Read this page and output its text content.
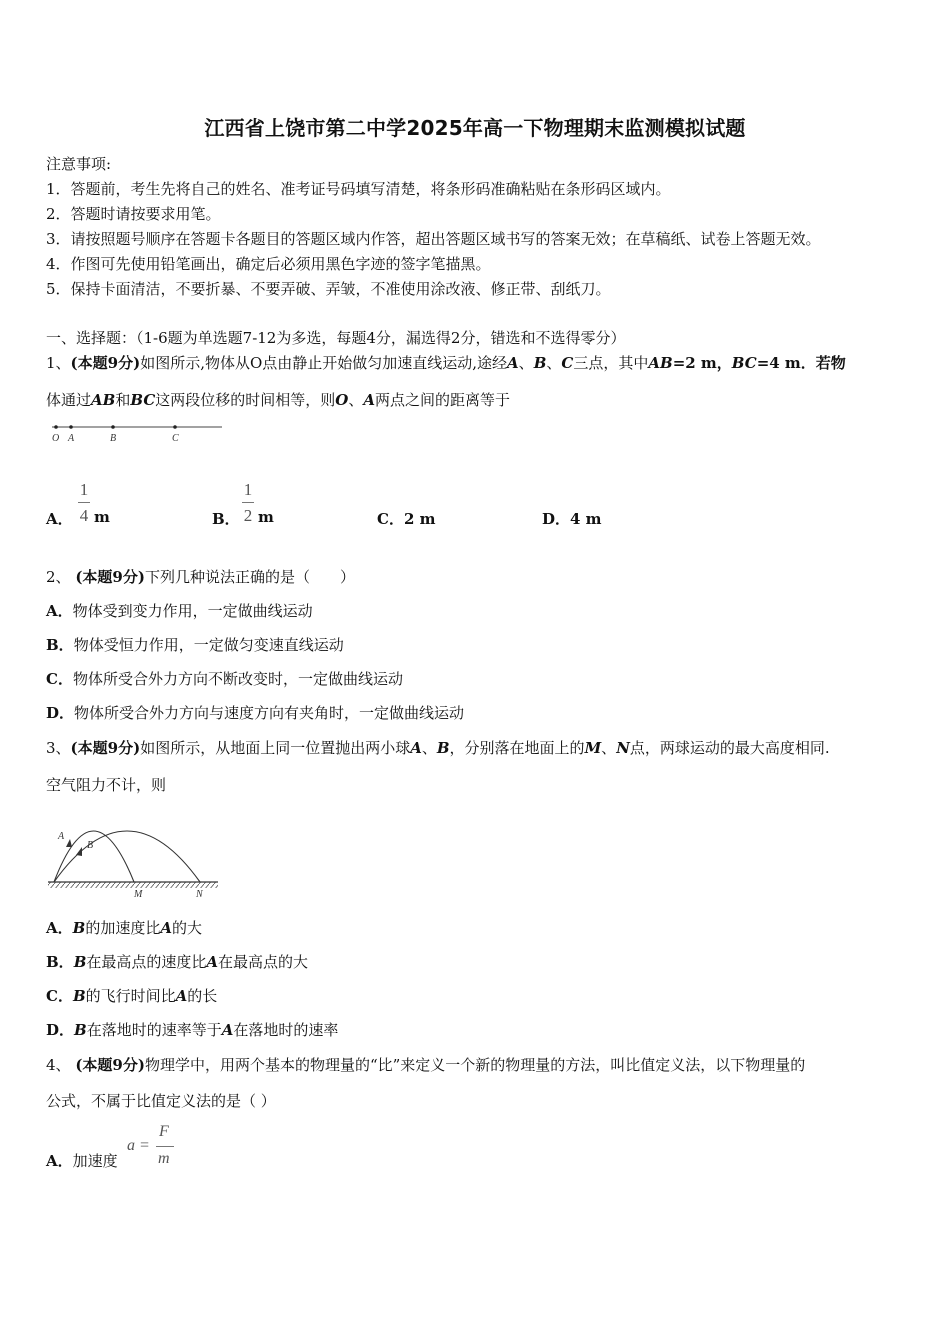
江西省上饶市第二中学2025年高一下物理期末监测模拟试题
注意事项:
1．答题前，考生先将自己的姓名、准考证号码填写清楚，将条形码准确粘贴在条形码区域内。
2．答题时请按要求用笔。
3．请按照题号顺序在答题卡各题目的答题区域内作答，超出答题区域书写的答案无效；在草稿纸、试卷上答题无效。
4．作图可先使用铅笔画出，确定后必须用黑色字迹的签字笔描黑。
5．保持卡面清洁，不要折暴、不要弄破、弄皱，不准使用涂改液、修正带、刮纸刀。
一、选择题：（1-6题为单选题7-12为多选，每题4分，漏选得2分，错选和不选得零分）
1、(本题9分)如图所示,物体从O点由静止开始做匀加速直线运动,途经A、B、C三点，其中AB=2 m，BC=4 m．若物
体通过AB和BC这两段位移的时间相等，则O、A两点之间的距离等于
O A	B	C
A．
1
4 m	B．
1
2 m	C．2 m	D．4 m
2、 (本题9分)下列几种说法正确的是（　　）
A．物体受到变力作用，一定做曲线运动
B．物体受恒力作用，一定做匀变速直线运动
C．物体所受合外力方向不断改变时，一定做曲线运动
D．物体所受合外力方向与速度方向有夹角时，一定做曲线运动
3、(本题9分)如图所示，从地面上同一位置抛出两小球A、B，分别落在地面上的M、N点，两球运动的最大高度相同.
空气阻力不计，则
A
B
M	N
A．B的加速度比A的大
B．B在最高点的速度比A在最高点的大
C．B的飞行时间比A的长
D．B在落地时的速率等于A在落地时的速率
4、 (本题9分)物理学中，用两个基本的物理量的“比”来定义一个新的物理量的方法，叫比值定义法，以下物理量的
公式，不属于比值定义法的是（ ）
A．加速度
a =
F
m
